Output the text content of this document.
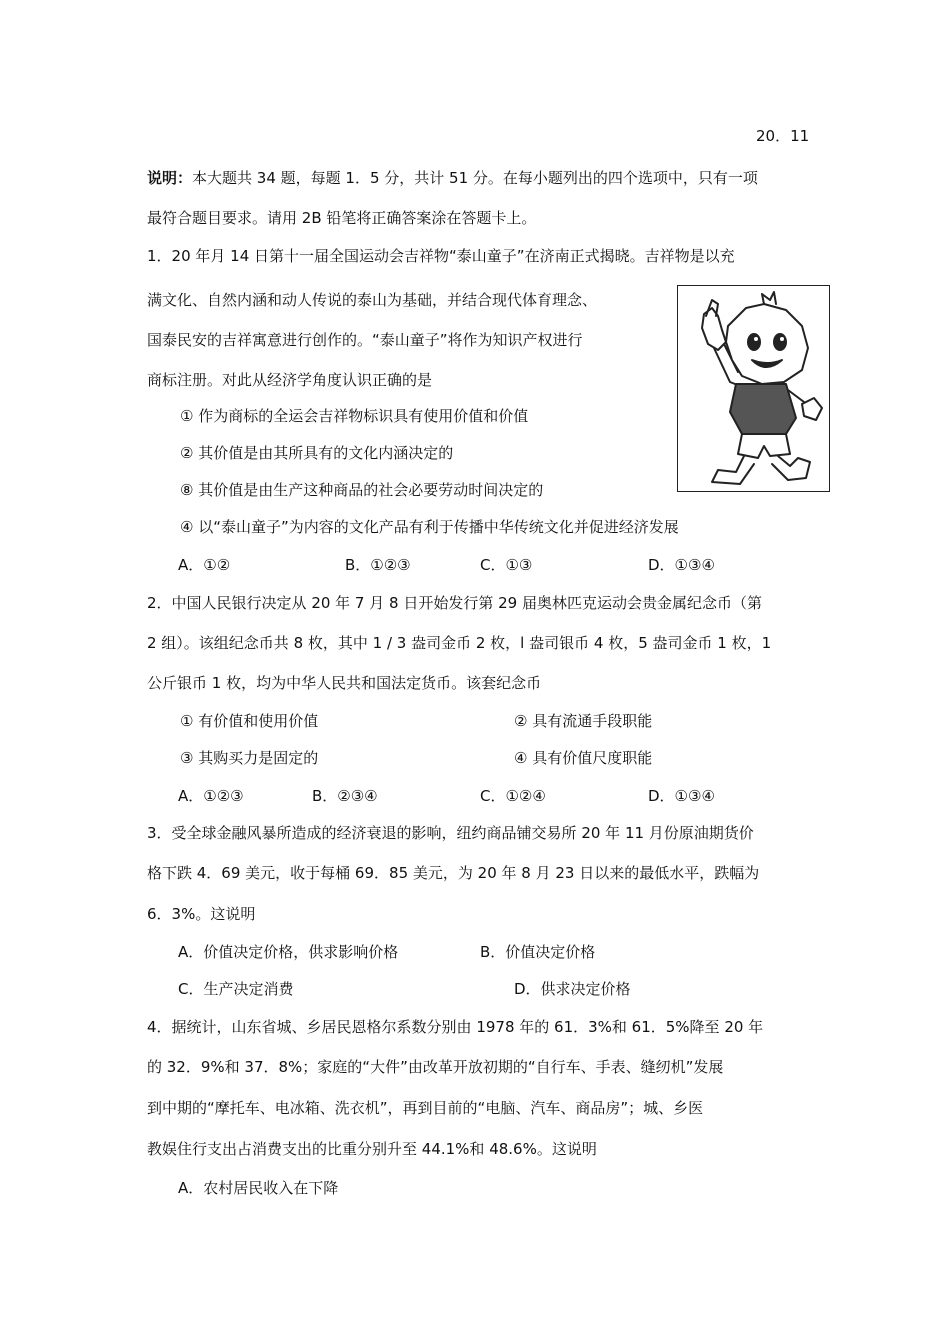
20．11
说明：本大题共 34 题，每题 1．5 分，共计 51 分。在每小题列出的四个选项中，只有一项
最符合题目要求。请用 2B 铅笔将正确答案涂在答题卡上。
1．20 年月 14 日第十一届全国运动会吉祥物“泰山童子”在济南正式揭晓。吉祥物是以充
满文化、自然内涵和动人传说的泰山为基础，并结合现代体育理念、
国泰民安的吉祥寓意进行创作的。“泰山童子”将作为知识产权进行
商标注册。对此从经济学角度认识正确的是
① 作为商标的全运会吉祥物标识具有使用价值和价值
② 其价值是由其所具有的文化内涵决定的
⑧ 其价值是由生产这种商品的社会必要劳动时间决定的
④ 以“泰山童子”为内容的文化产品有利于传播中华传统文化并促进经济发展
A．①②	B．①②③	C．①③	D．①③④
2．中国人民银行决定从 20 年 7 月 8 日开始发行第 29 届奥林匹克运动会贵金属纪念币（第
2 组）。该组纪念币共 8 枚，其中 1 / 3 盎司金币 2 枚，l 盎司银币 4 枚，5 盎司金币 1 枚，1
公斤银币 1 枚，均为中华人民共和国法定货币。该套纪念币
① 有价值和使用价值	② 具有流通手段职能
③ 其购买力是固定的	④ 具有价值尺度职能
A．①②③	B．②③④	C．①②④	D．①③④
3．受全球金融风暴所造成的经济衰退的影响，纽约商品铺交易所 20 年 11 月份原油期货价
格下跌 4．69 美元，收于每桶 69．85 美元，为 20 年 8 月 23 日以来的最低水平，跌幅为
6．3%。这说明
A．价值决定价格，供求影响价格	B．价值决定价格
C．生产决定消费	D．供求决定价格
4．据统计，山东省城、乡居民恩格尔系数分别由 1978 年的 61．3%和 61．5%降至 20 年
的 32．9%和 37．8%；家庭的“大件”由改革开放初期的“自行车、手表、缝纫机”发展
到中期的“摩托车、电冰箱、洗衣机”，再到目前的“电脑、汽车、商品房”；城、乡医
教娱住行支出占消费支出的比重分别升至 44.1%和 48.6%。这说明
A．农村居民收入在下降
